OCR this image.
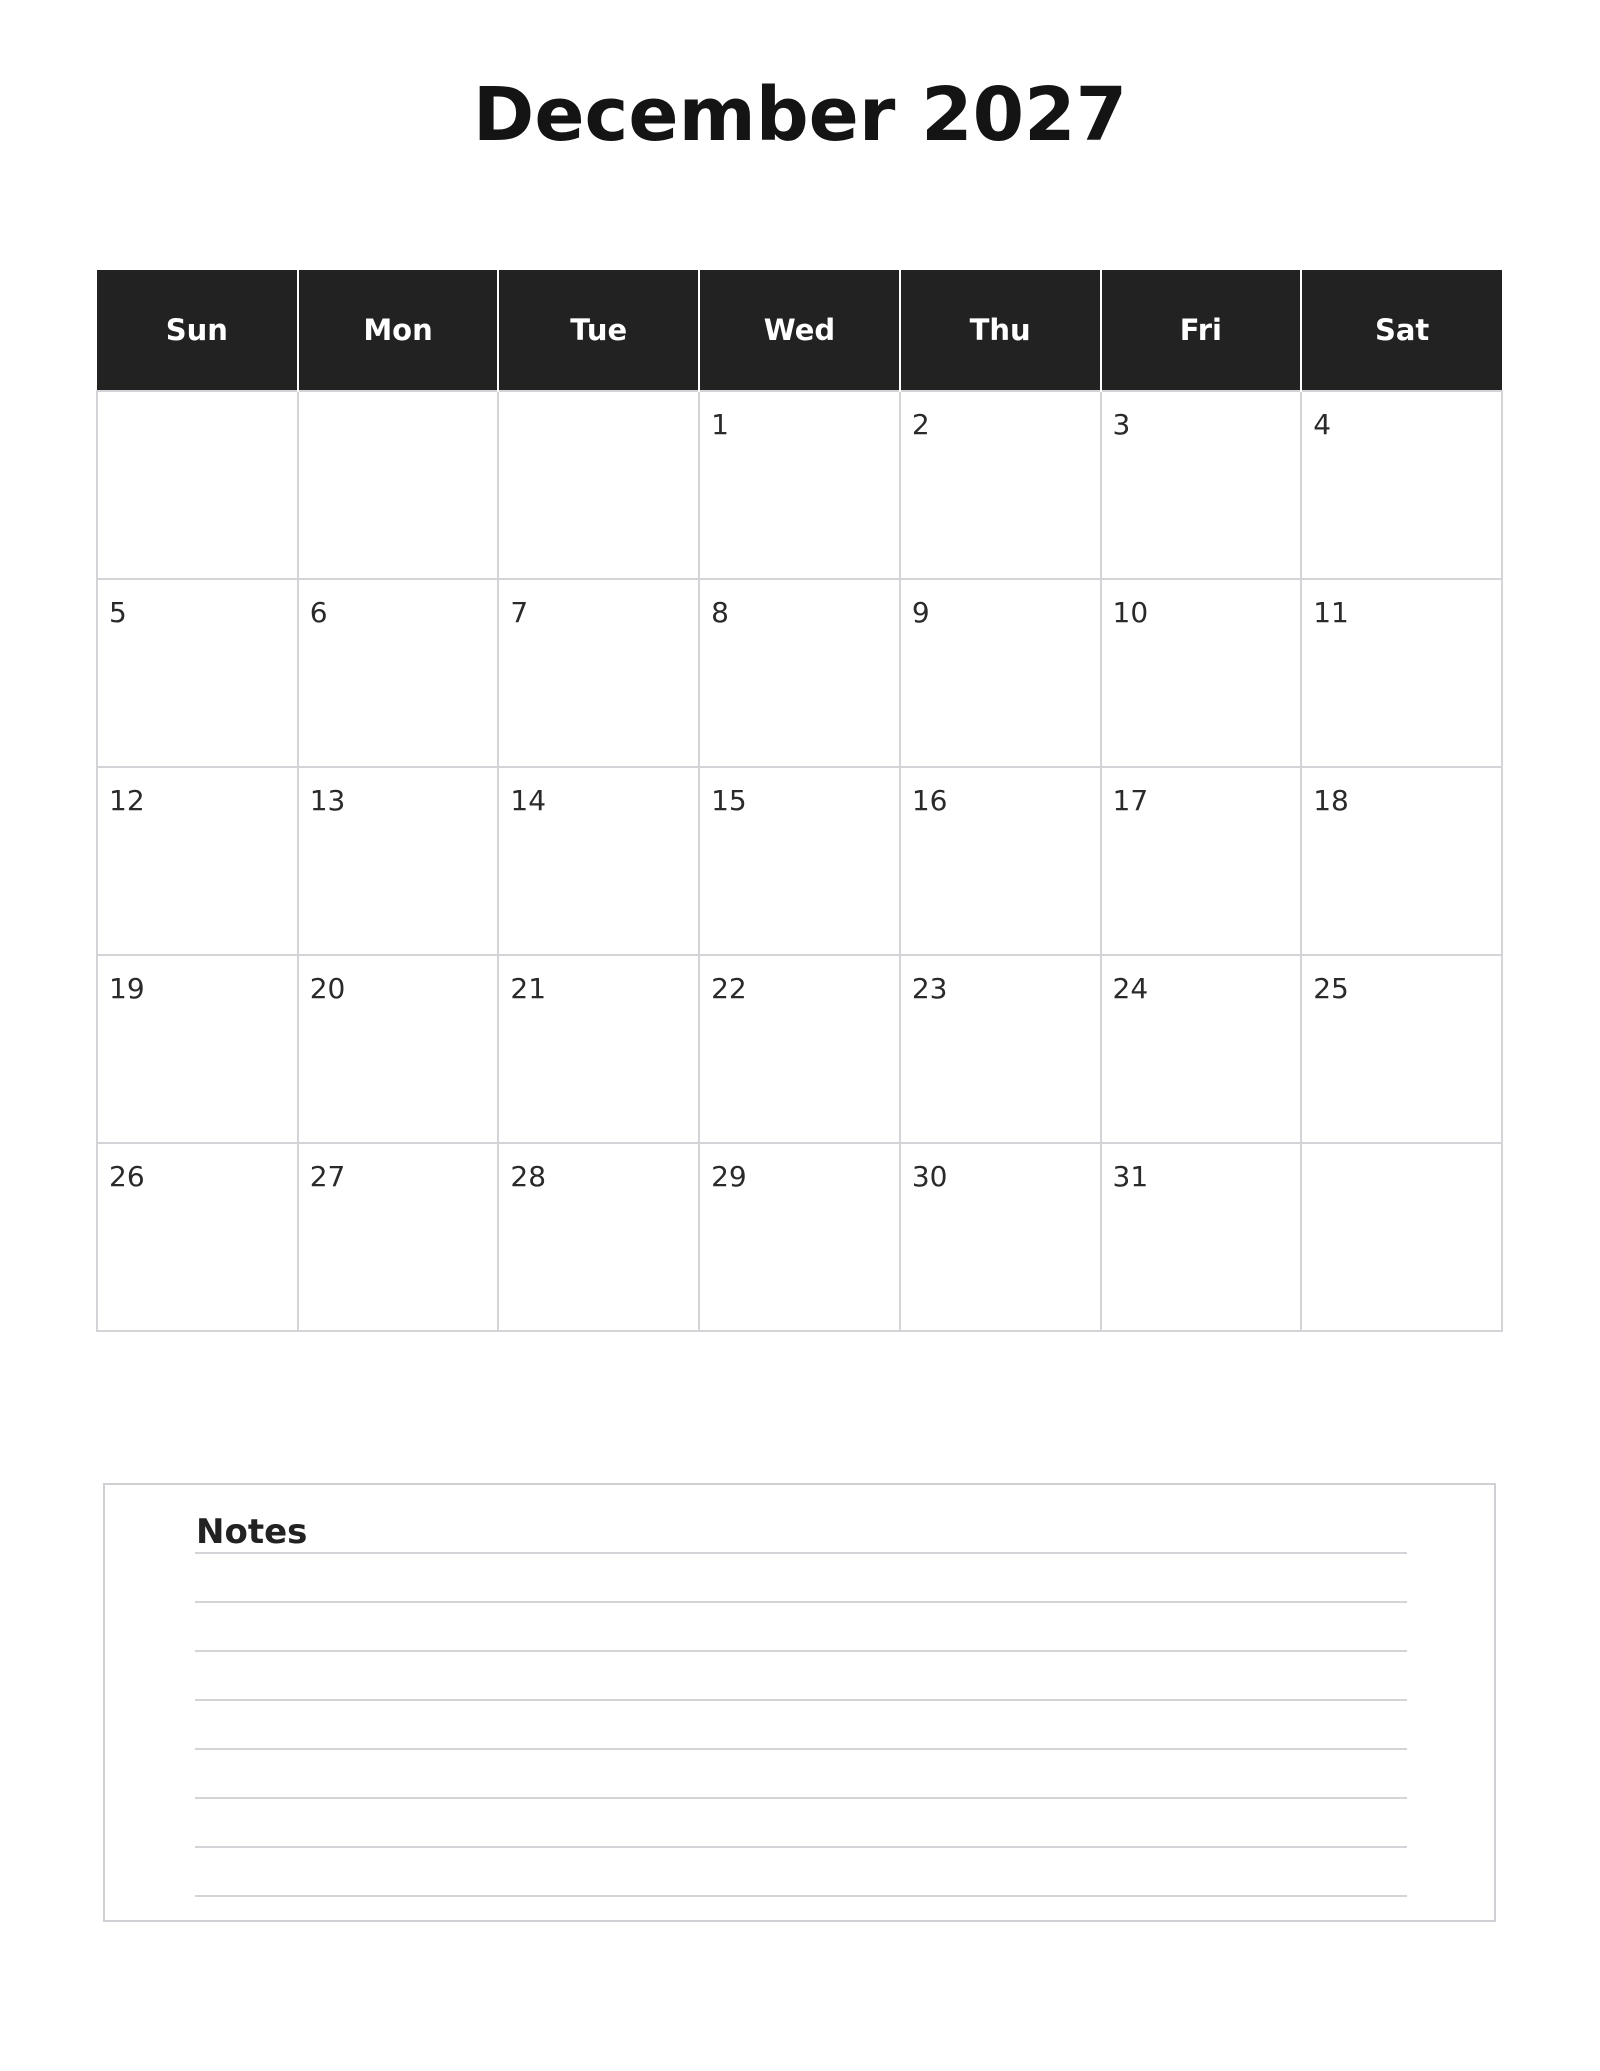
December 2027
Sun	Mon	Tue	Wed	Thu	Fri	Sat

			1	2	3	4

5	6	7	8	9	10	11

12	13	14	15	16	17	18

19	20	21	22	23	24	25

26	27	28	29	30	31	

Notes
